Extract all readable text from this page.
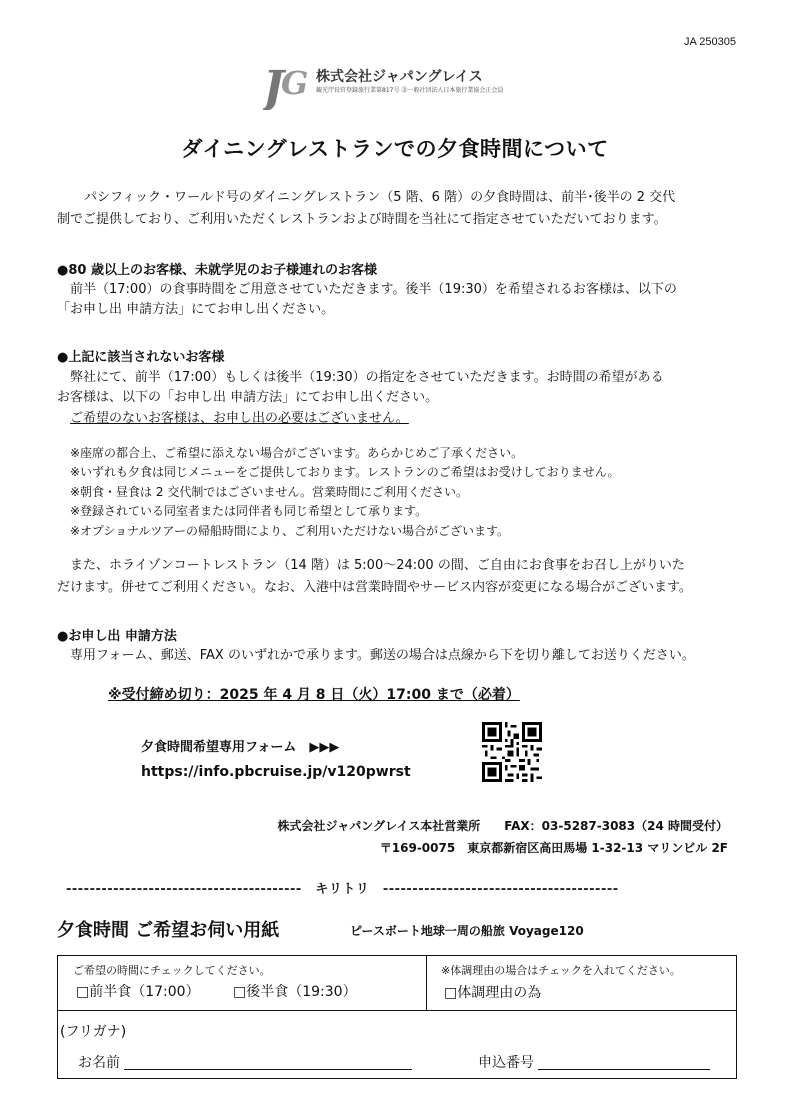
JA 250305
J
G 株式会社ジャパングレイス
観光庁長官登録旅行業第817号 ㊎一般社団法人日本旅行業協会正会員
ダイニングレストランでの夕食時間について
パシフィック・ワールド号のダイニングレストラン（5 階、6 階）の夕食時間は、前半･後半の 2 交代
制でご提供しており、ご利用いただくレストランおよび時間を当社にて指定させていただいております。
●80 歳以上のお客様、未就学児のお子様連れのお客様
前半（17:00）の食事時間をご用意させていただきます。後半（19:30）を希望されるお客様は、以下の
「お申し出 申請方法」にてお申し出ください。
●上記に該当されないお客様
弊社にて、前半（17:00）もしくは後半（19:30）の指定をさせていただきます。お時間の希望がある
お客様は、以下の「お申し出 申請方法」にてお申し出ください。
ご希望のないお客様は、お申し出の必要はございません。
※座席の都合上、ご希望に添えない場合がございます。あらかじめご了承ください。
※いずれも夕食は同じメニューをご提供しております。レストランのご希望はお受けしておりません。
※朝食・昼食は 2 交代制ではございません。営業時間にご利用ください。
※登録されている同室者または同伴者も同じ希望として承ります。
※オプショナルツアーの帰船時間により、ご利用いただけない場合がございます。
また、ホライゾンコートレストラン（14 階）は 5:00～24:00 の間、ご自由にお食事をお召し上がりいた
だけます。併せてご利用ください。なお、入港中は営業時間やサービス内容が変更になる場合がございます。
●お申し出 申請方法
専用フォーム、郵送、FAX のいずれかで承ります。郵送の場合は点線から下を切り離してお送りください。
※受付締め切り：2025 年 4 月 8 日（火）17:00 まで（必着）
夕食時間希望専用フォーム　▶▶▶
https://info.pbcruise.jp/v120pwrst
株式会社ジャパングレイス本社営業所　　FAX：03-5287-3083（24 時間受付）
〒169-0075　東京都新宿区高田馬場 1-32-13 マリンビル 2F
----------------------------------------　キリトリ　----------------------------------------
夕食時間 ご希望お伺い用紙	ピースボート地球一周の船旅 Voyage120
ご希望の時間にチェックしてください。
□前半食（17:00） □後半食（19:30）
※体調理由の場合はチェックを入れてください。
□体調理由の為
(フリガナ)
お名前	申込番号
